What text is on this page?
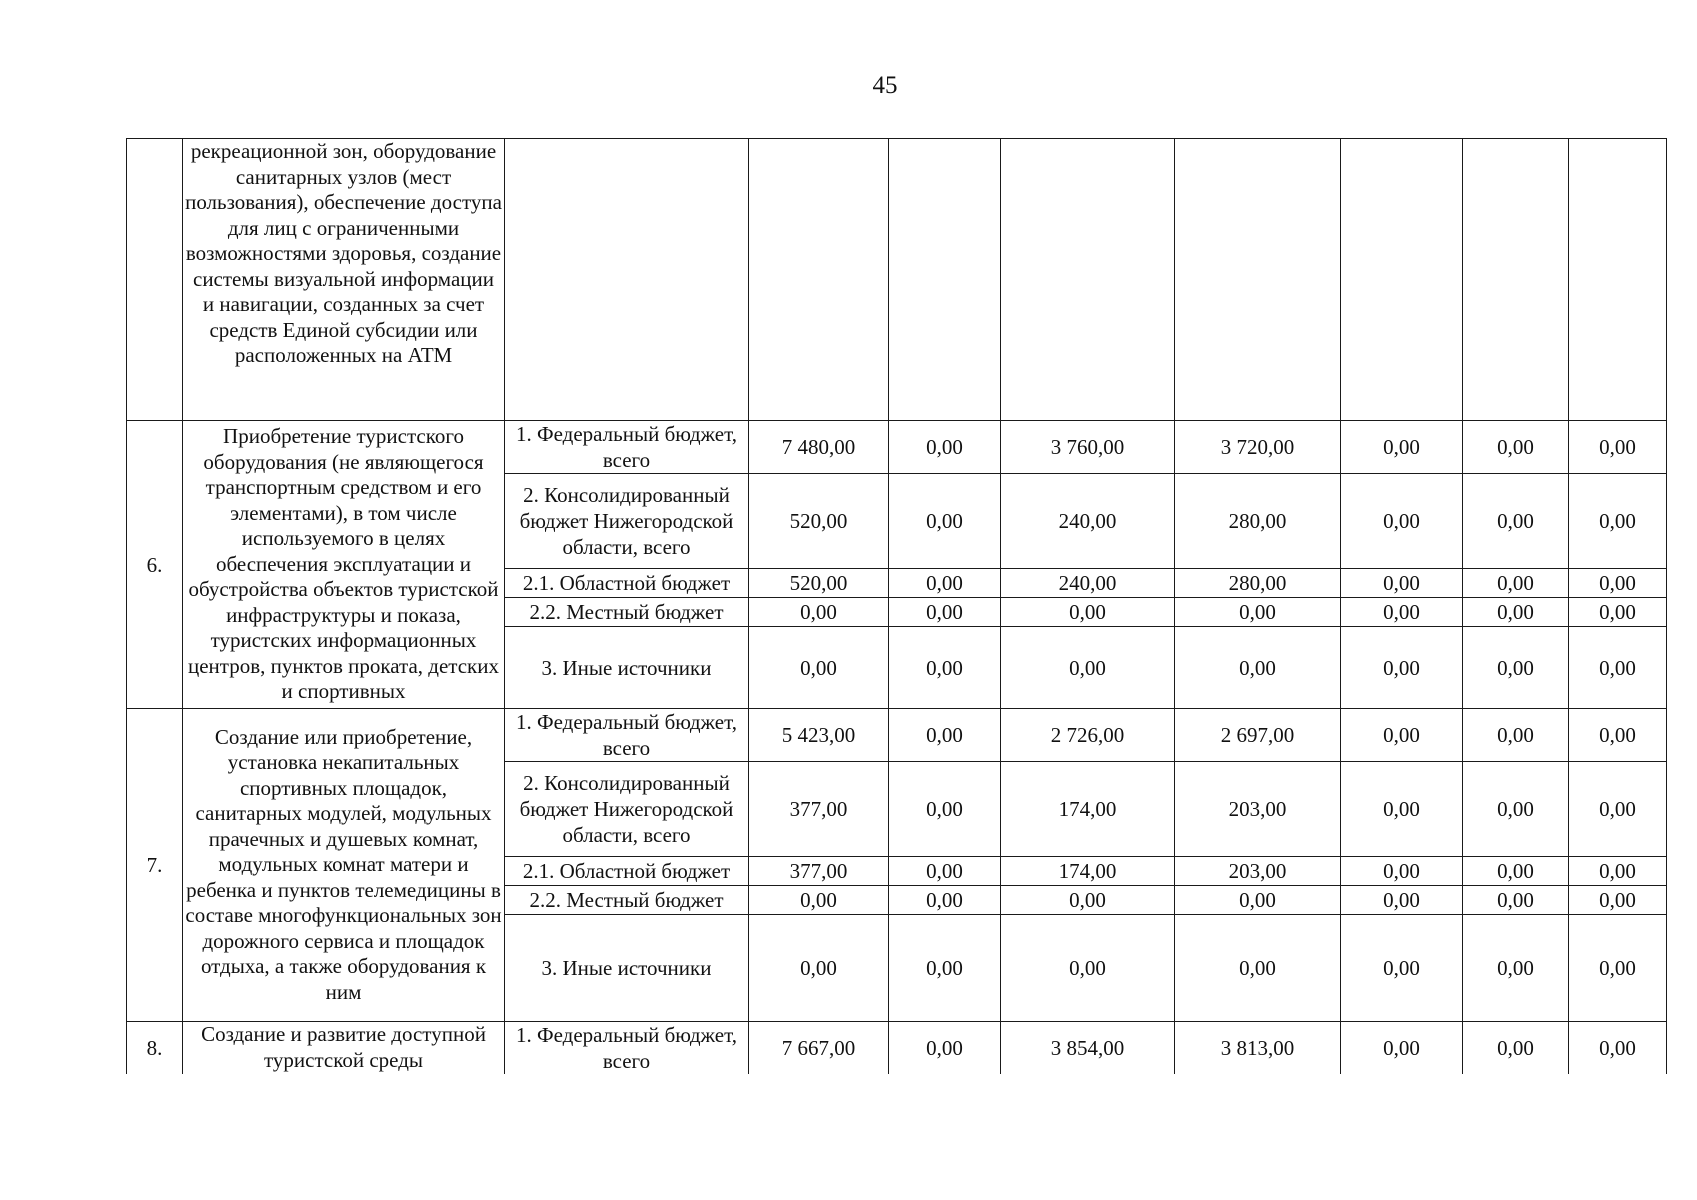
45
	рекреационной зон, оборудование санитарных узлов (мест пользования), обеспечение доступа для лиц с ограниченными возможностями здоровья, создание системы визуальной информации и навигации, созданных за счет средств Единой субсидии или расположенных на АТМ								
6.	Приобретение туристского оборудования (не являющегося транспортным средством и его элементами), в том числе используемого в целях обеспечения эксплуатации и обустройства объектов туристской инфраструктуры и показа, туристских информационных центров, пунктов проката, детских и спортивных	1. Федеральный бюджет, всего	7 480,00	0,00	3 760,00	3 720,00	0,00	0,00	0,00
		2. Консолидированный бюджет Нижегородской области, всего	520,00	0,00	240,00	280,00	0,00	0,00	0,00
		2.1. Областной бюджет	520,00	0,00	240,00	280,00	0,00	0,00	0,00
		2.2. Местный бюджет	0,00	0,00	0,00	0,00	0,00	0,00	0,00
		3. Иные источники	0,00	0,00	0,00	0,00	0,00	0,00	0,00
7.	Создание или приобретение, установка некапитальных спортивных площадок, санитарных модулей, модульных прачечных и душевых комнат, модульных комнат матери и ребенка и пунктов телемедицины в составе многофункциональных зон дорожного сервиса и площадок отдыха, а также оборудования к ним	1. Федеральный бюджет, всего	5 423,00	0,00	2 726,00	2 697,00	0,00	0,00	0,00
		2. Консолидированный бюджет Нижегородской области, всего	377,00	0,00	174,00	203,00	0,00	0,00	0,00
		2.1. Областной бюджет	377,00	0,00	174,00	203,00	0,00	0,00	0,00
		2.2. Местный бюджет	0,00	0,00	0,00	0,00	0,00	0,00	0,00
		3. Иные источники	0,00	0,00	0,00	0,00	0,00	0,00	0,00
8.	Создание и развитие доступной туристской среды	1. Федеральный бюджет, всего	7 667,00	0,00	3 854,00	3 813,00	0,00	0,00	0,00
